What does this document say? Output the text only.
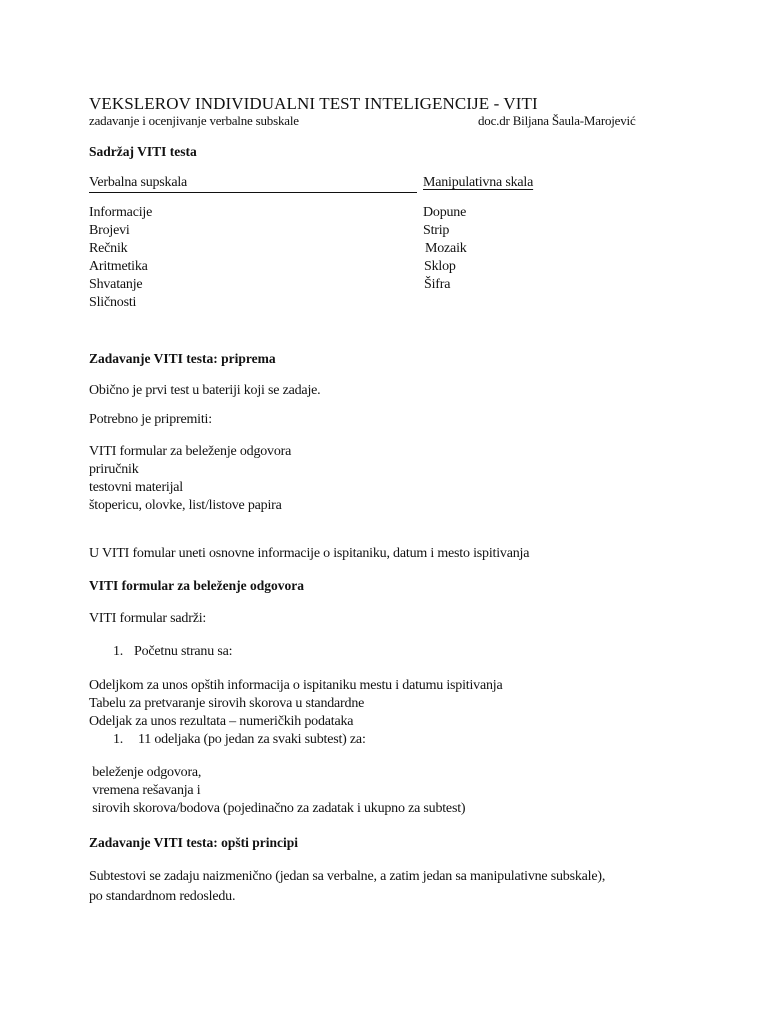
VEKSLEROV INDIVIDUALNI TEST INTELIGENCIJE - VITI
zadavanje i ocenjivanje verbalne subskale	doc.dr Biljana Šaula-Marojević
Sadržaj VITI testa
Verbalna supskala	Manipulativna skala
Informacije
Brojevi
Rečnik
Aritmetika
Shvatanje
Sličnosti
Dopune
Strip
Mozaik
Sklop
Šifra
Zadavanje VITI testa: priprema
Obično je prvi test u bateriji koji se zadaje.
Potrebno je pripremiti:
VITI formular za beleženje odgovora
priručnik
testovni materijal
štopericu, olovke, list/listove papira
U VITI fomular uneti osnovne informacije o ispitaniku, datum i mesto ispitivanja
VITI formular za beleženje odgovora
VITI formular sadrži:
1. Početnu stranu sa:
Odeljkom za unos opštih informacija o ispitaniku mestu i datumu ispitivanja
Tabelu za pretvaranje sirovih skorova u standardne
Odeljak za unos rezultata – numeričkih podataka
1. 11 odeljaka (po jedan za svaki subtest) za:
beleženje odgovora,
vremena rešavanja i
sirovih skorova/bodova (pojedinačno za zadatak i ukupno za subtest)
Zadavanje VITI testa: opšti principi
Subtestovi se zadaju naizmenično (jedan sa verbalne, a zatim jedan sa manipulativne subskale),
po standardnom redosledu.
